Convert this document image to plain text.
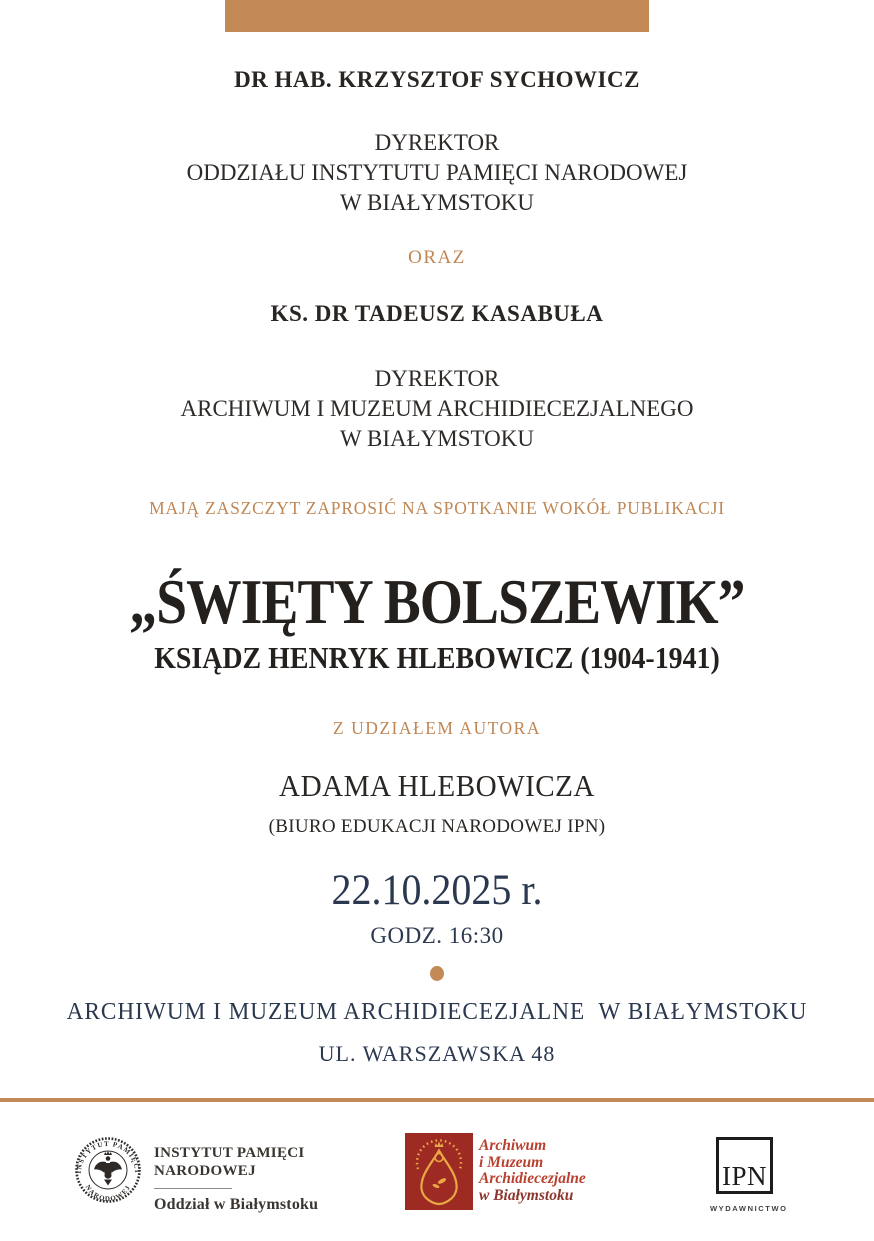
DR HAB. KRZYSZTOF SYCHOWICZ
DYREKTOR
ODDZIAŁU INSTYTUTU PAMIĘCI NARODOWEJ
W BIAŁYMSTOKU
ORAZ
KS. DR TADEUSZ KASABUŁA
DYREKTOR
ARCHIWUM I MUZEUM ARCHIDIECEZJALNEGO
W BIAŁYMSTOKU
MAJĄ ZASZCZYT ZAPROSIĆ NA SPOTKANIE WOKÓŁ PUBLIKACJI
„ŚWIĘTY BOLSZEWIK”
KSIĄDZ HENRYK HLEBOWICZ (1904-1941)
Z UDZIAŁEM AUTORA
ADAMA HLEBOWICZA
(BIURO EDUKACJI NARODOWEJ IPN)
22.10.2025 r.
GODZ. 16:30
ARCHIWUM I MUZEUM ARCHIDIECEZJALNE  W BIAŁYMSTOKU
UL. WARSZAWSKA 48
INSTYTUT PAMIĘCI
NARODOWEJ
INSTYTUT PAMIĘCI
NARODOWEJ
Oddział w Białymstoku
Archiwum
i Muzeum
Archidiecezjalne
w Białymstoku
IPN
WYDAWNICTWO
